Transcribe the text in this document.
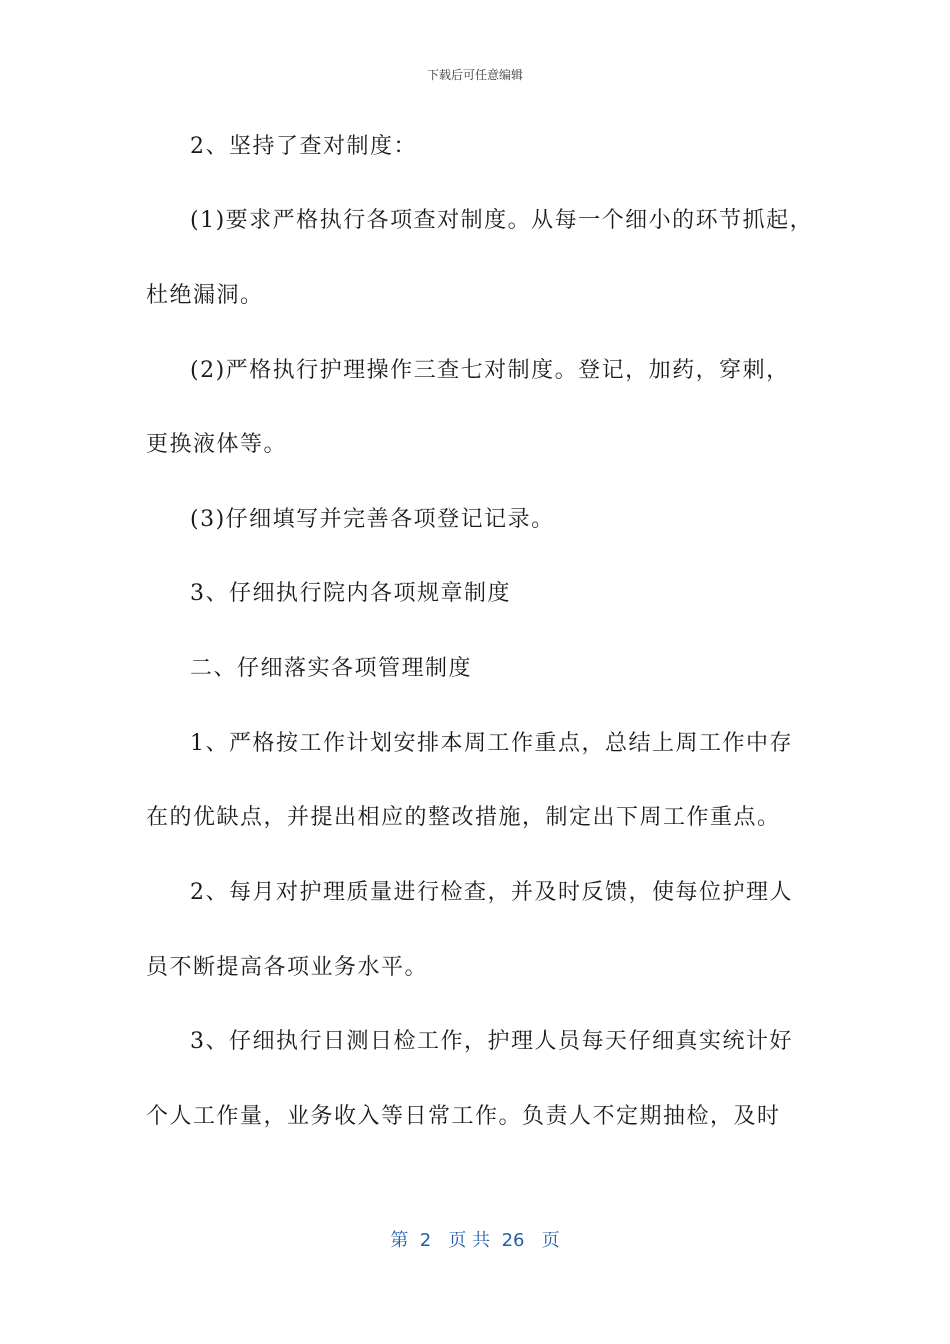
下载后可任意编辑
2、坚持了查对制度：
(1)要求严格执行各项查对制度。从每一个细小的环节抓起，
杜绝漏洞。
(2)严格执行护理操作三查七对制度。登记，加药，穿刺，
更换液体等。
(3)仔细填写并完善各项登记记录。
3、仔细执行院内各项规章制度
二、仔细落实各项管理制度
1、严格按工作计划安排本周工作重点，总结上周工作中存
在的优缺点，并提出相应的整改措施，制定出下周工作重点。
2、每月对护理质量进行检查，并及时反馈，使每位护理人
员不断提高各项业务水平。
3、仔细执行日测日检工作，护理人员每天仔细真实统计好
个人工作量，业务收入等日常工作。负责人不定期抽检，及时
第  2   页 共  26   页
